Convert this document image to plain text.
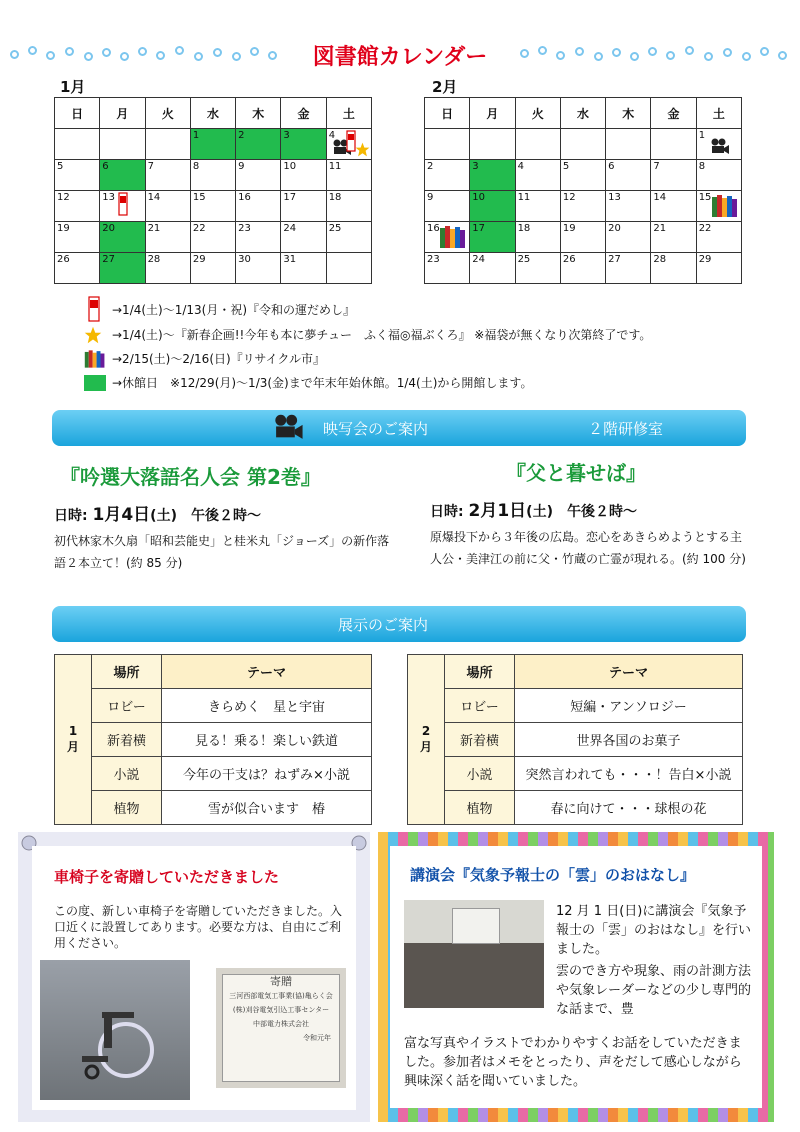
図書館カレンダー
1月
日	月	火	水	木	金	土
			1	2	3	4

5	6	7	8	9	10	11
12	13	14	15	16	17	18
19	20	21	22	23	24	25
26	27	28	29	30	31	
2月
日	月	火	水	木	金	土
						1

2	3	4	5	6	7	8
9	10	11	12	13	14	15

16	17	18	19	20	21	22
23	24	25	26	27	28	29
→1/4(土)～1/13(月・祝)『令和の運だめし』
→1/4(土)～『新春企画!!今年も本に夢チュー　ふく福◎福ぶくろ』 ※福袋が無くなり次第終了です。
→2/15(土)～2/16(日)『リサイクル市』
→休館日　※12/29(月)～1/3(金)まで年末年始休館。1/4(土)から開館します。
映写会のご案内	２階研修室
『吟選大落語名人会 第2巻』
日時: 1月4日(土)　 午後２時～
初代林家木久扇「昭和芸能史」と桂米丸「ジョーズ」の新作落語２本立て！(約 85 分)
『父と暮せば』
日時: 2月1日(土)　 午後２時～
原爆投下から３年後の広島。恋心をあきらめようとする主人公・美津江の前に父・竹蔵の亡霊が現れる。(約 100 分)
展示のご案内
1
月	場所	テーマ
	ロビー	きらめく　星と宇宙
	新着横	見る！乗る！楽しい鉄道
	小説	今年の干支は？ねずみ×小説
	植物	雪が似合います　椿
2
月	場所	テーマ
	ロビー	短編・アンソロジー
	新着横	世界各国のお菓子
	小説	突然言われても・・・！告白×小説
	植物	春に向けて・・・球根の花
車椅子を寄贈していただきました
この度、新しい車椅子を寄贈していただきました。入口近くに設置してあります。必要な方は、自由にご利用ください。
寄贈
三河西部電気工事業(協)亀らく会
(株)刈谷電気引込工事センター
中部電力株式会社
令和元年
講演会『気象予報士の「雲」のおはなし』
12 月 1 日(日)に講演会『気象予報士の「雲」のおはなし』を行いました。
雲のでき方や現象、雨の計測方法や気象レーダーなどの少し専門的な話まで、豊
富な写真やイラストでわかりやすくお話をしていただきました。参加者はメモをとったり、声をだして感心しながら興味深く話を聞いていました。
